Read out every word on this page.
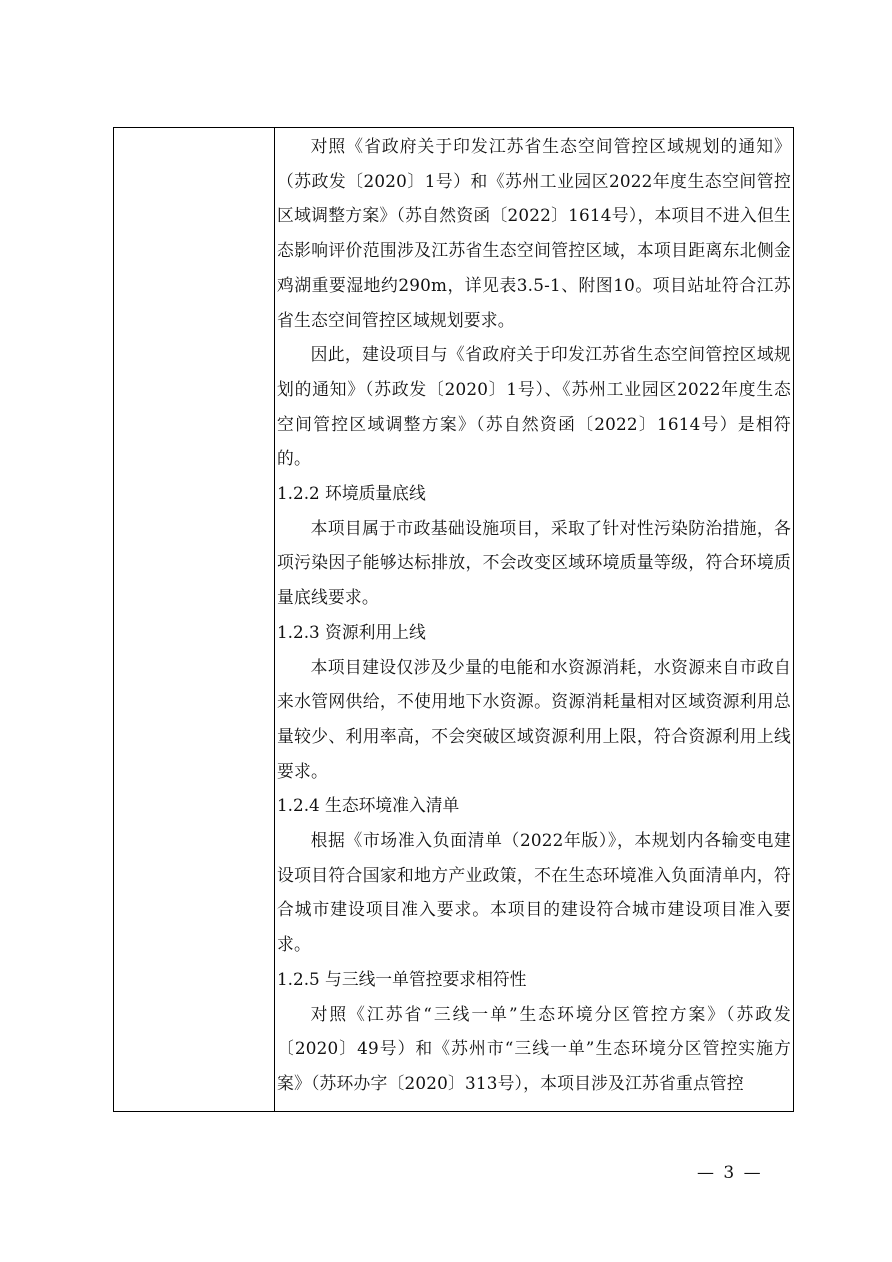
对照《省政府关于印发江苏省生态空间管控区域规划的通知》（苏政发〔2020〕1号）和《苏州工业园区2022年度生态空间管控区域调整方案》（苏自然资函〔2022〕1614号），本项目不进入但生态影响评价范围涉及江苏省生态空间管控区域，本项目距离东北侧金鸡湖重要湿地约290m，详见表3.5-1、附图10。项目站址符合江苏省生态空间管控区域规划要求。

因此，建设项目与《省政府关于印发江苏省生态空间管控区域规划的通知》（苏政发〔2020〕1号）、《苏州工业园区2022年度生态空间管控区域调整方案》（苏自然资函〔2022〕1614号）是相符的。

1.2.2 环境质量底线

本项目属于市政基础设施项目，采取了针对性污染防治措施，各项污染因子能够达标排放，不会改变区域环境质量等级，符合环境质量底线要求。

1.2.3 资源利用上线

本项目建设仅涉及少量的电能和水资源消耗，水资源来自市政自来水管网供给，不使用地下水资源。资源消耗量相对区域资源利用总量较少、利用率高，不会突破区域资源利用上限，符合资源利用上线要求。

1.2.4 生态环境准入清单

根据《市场准入负面清单（2022年版）》，本规划内各输变电建设项目符合国家和地方产业政策，不在生态环境准入负面清单内，符合城市建设项目准入要求。本项目的建设符合城市建设项目准入要求。

1.2.5 与三线一单管控要求相符性

对照《江苏省“三线一单”生态环境分区管控方案》（苏政发〔2020〕49号）和《苏州市“三线一单”生态环境分区管控实施方案》（苏环办字〔2020〕313号），本项目涉及江苏省重点管控

— 3 —
